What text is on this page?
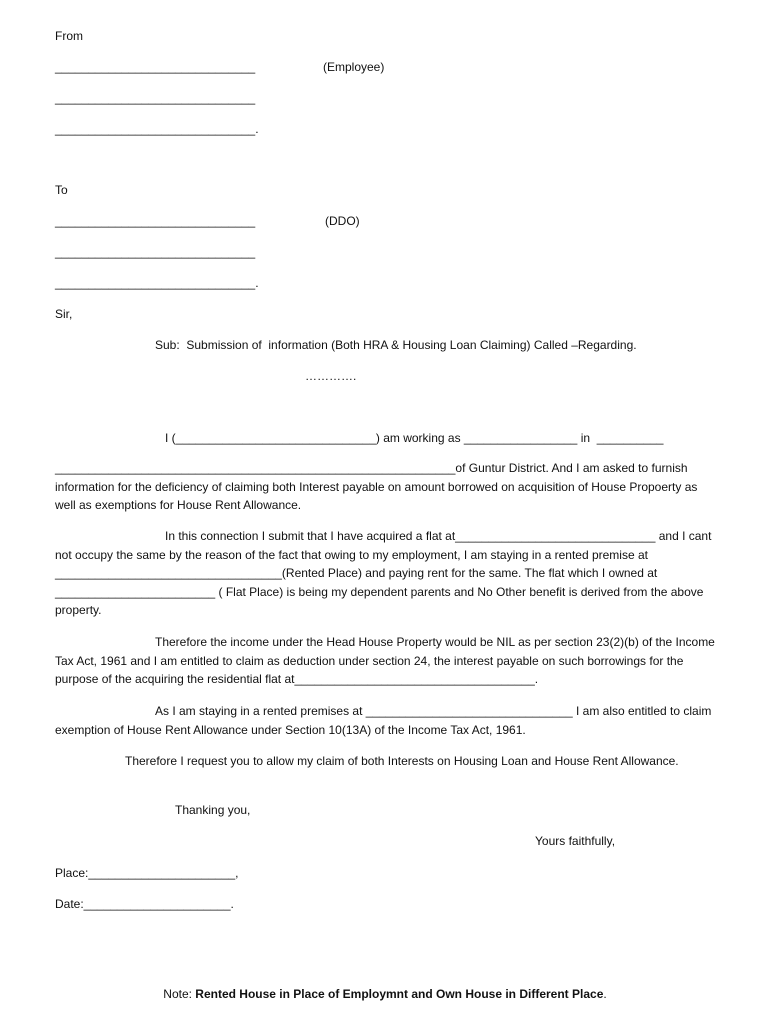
From
______________________________	(Employee)
______________________________
______________________________.
To
______________________________	(DDO)
______________________________
______________________________.
Sir,
Sub:  Submission of  information (Both HRA & Housing Loan Claiming) Called –Regarding.
………….
I (______________________________) am working as _________________ in  __________
____________________________________________________________of Guntur District. And I am asked to furnish information for the deficiency of claiming both Interest payable on amount borrowed on acquisition of House Propoerty as well as exemptions for House Rent Allowance.
In this connection I submit that I have acquired a flat at______________________________ and I cant not occupy the same by the reason of the fact that owing to my employment, I am staying in a rented premise at __________________________________(Rented Place) and paying rent for the same. The flat which I owned at ________________________ ( Flat Place) is being my dependent parents and No Other benefit is derived from the above property.
Therefore the income under the Head House Property would be NIL as per section 23(2)(b) of the Income Tax Act, 1961 and I am entitled to claim as deduction under section 24, the interest payable on such borrowings for the purpose of the acquiring the residential flat at____________________________________.
As I am staying in a rented premises at _______________________________ I am also entitled to claim exemption of House Rent Allowance under Section 10(13A) of the Income Tax Act, 1961.
Therefore I request you to allow my claim of both Interests on Housing Loan and House Rent Allowance.
Thanking you,
Yours faithfully,
Place:______________________,
Date:______________________.
Note: Rented House in Place of Employmnt and Own House in Different Place.
